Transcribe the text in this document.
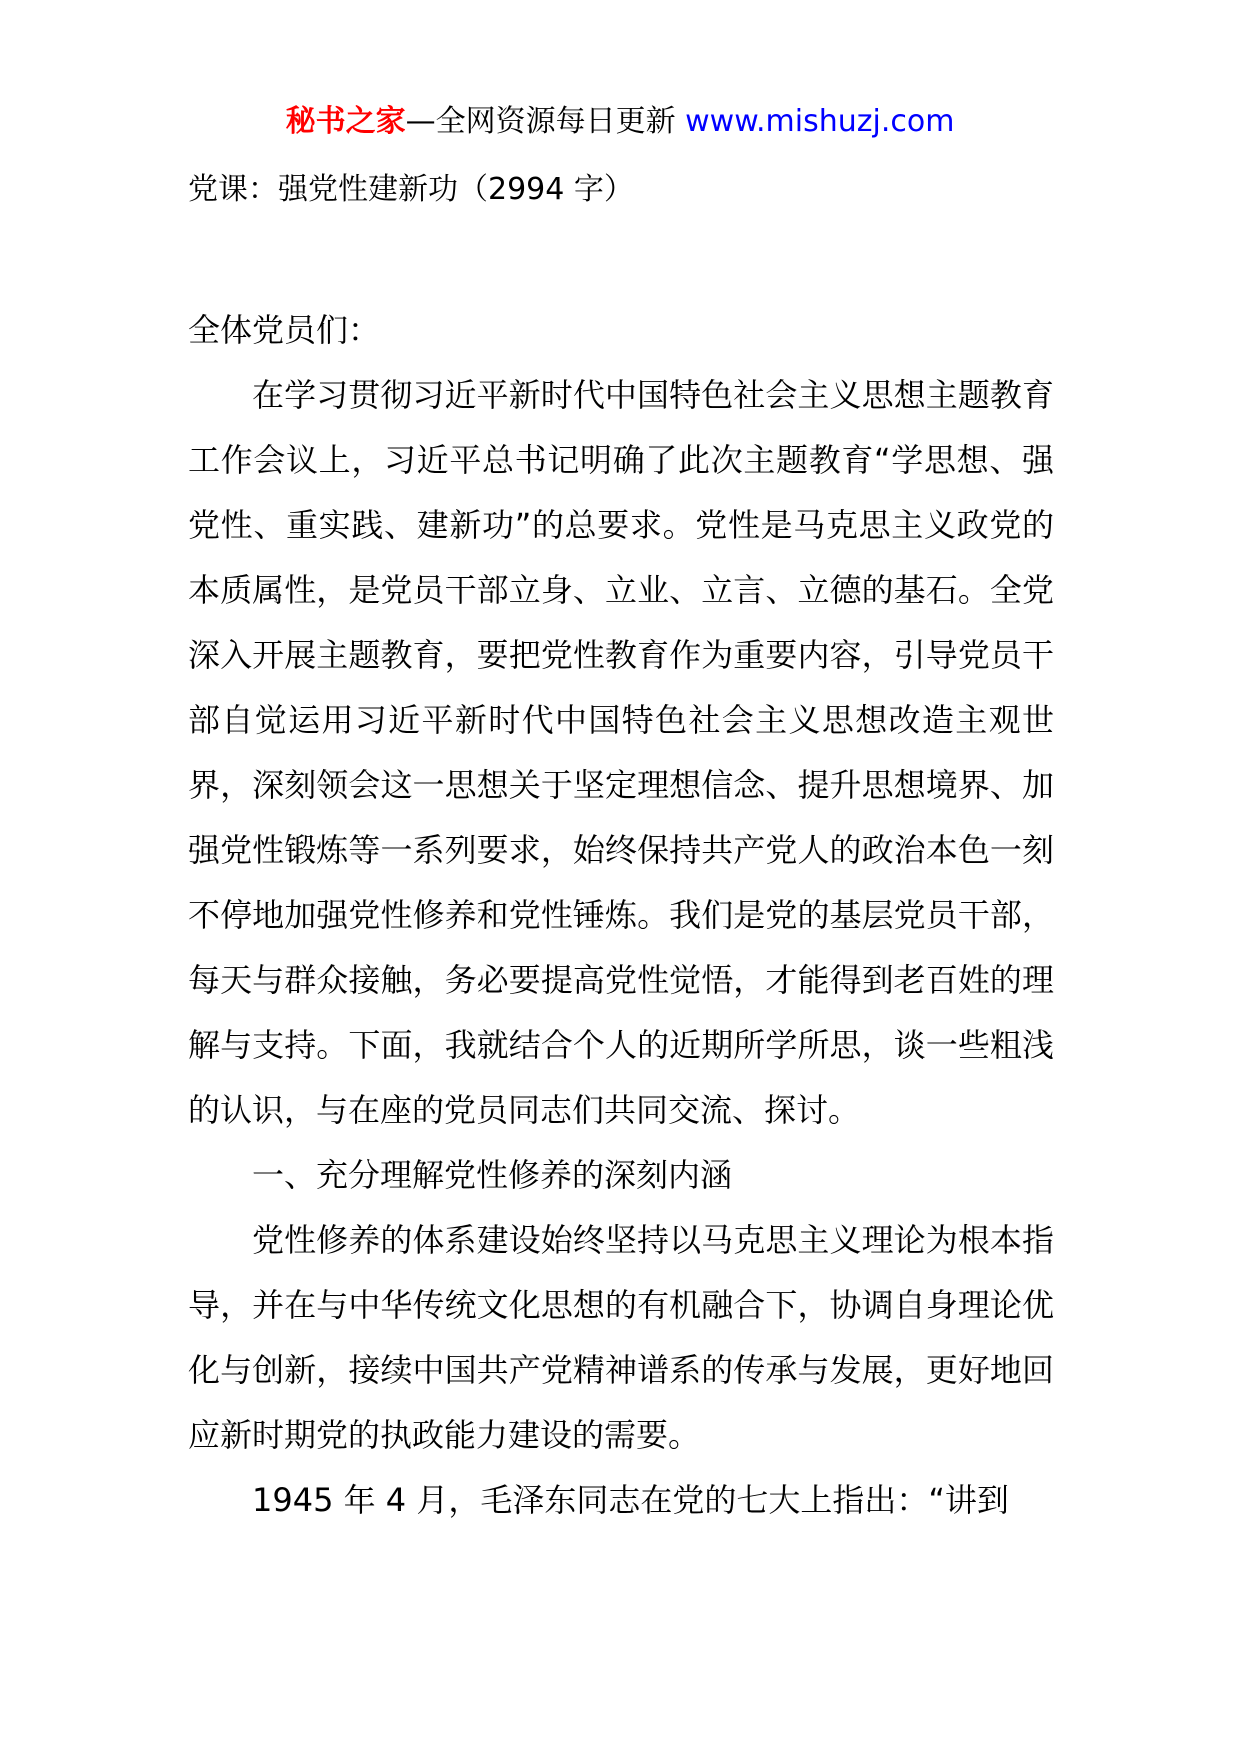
秘书之家—全网资源每日更新 www.mishuzj.com
党课：强党性建新功（2994 字）

全体党员们：

在学习贯彻习近平新时代中国特色社会主义思想主题教育工作会议上，习近平总书记明确了此次主题教育“学思想、强党性、重实践、建新功”的总要求。党性是马克思主义政党的本质属性，是党员干部立身、立业、立言、立德的基石。全党深入开展主题教育，要把党性教育作为重要内容，引导党员干部自觉运用习近平新时代中国特色社会主义思想改造主观世界，深刻领会这一思想关于坚定理想信念、提升思想境界、加强党性锻炼等一系列要求，始终保持共产党人的政治本色一刻不停地加强党性修养和党性锤炼。我们是党的基层党员干部，每天与群众接触，务必要提高党性觉悟，才能得到老百姓的理解与支持。下面，我就结合个人的近期所学所思，谈一些粗浅的认识，与在座的党员同志们共同交流、探讨。

一、充分理解党性修养的深刻内涵

党性修养的体系建设始终坚持以马克思主义理论为根本指导，并在与中华传统文化思想的有机融合下，协调自身理论优化与创新，接续中国共产党精神谱系的传承与发展，更好地回应新时期党的执政能力建设的需要。

1945 年 4 月，毛泽东同志在党的七大上指出：“讲到
